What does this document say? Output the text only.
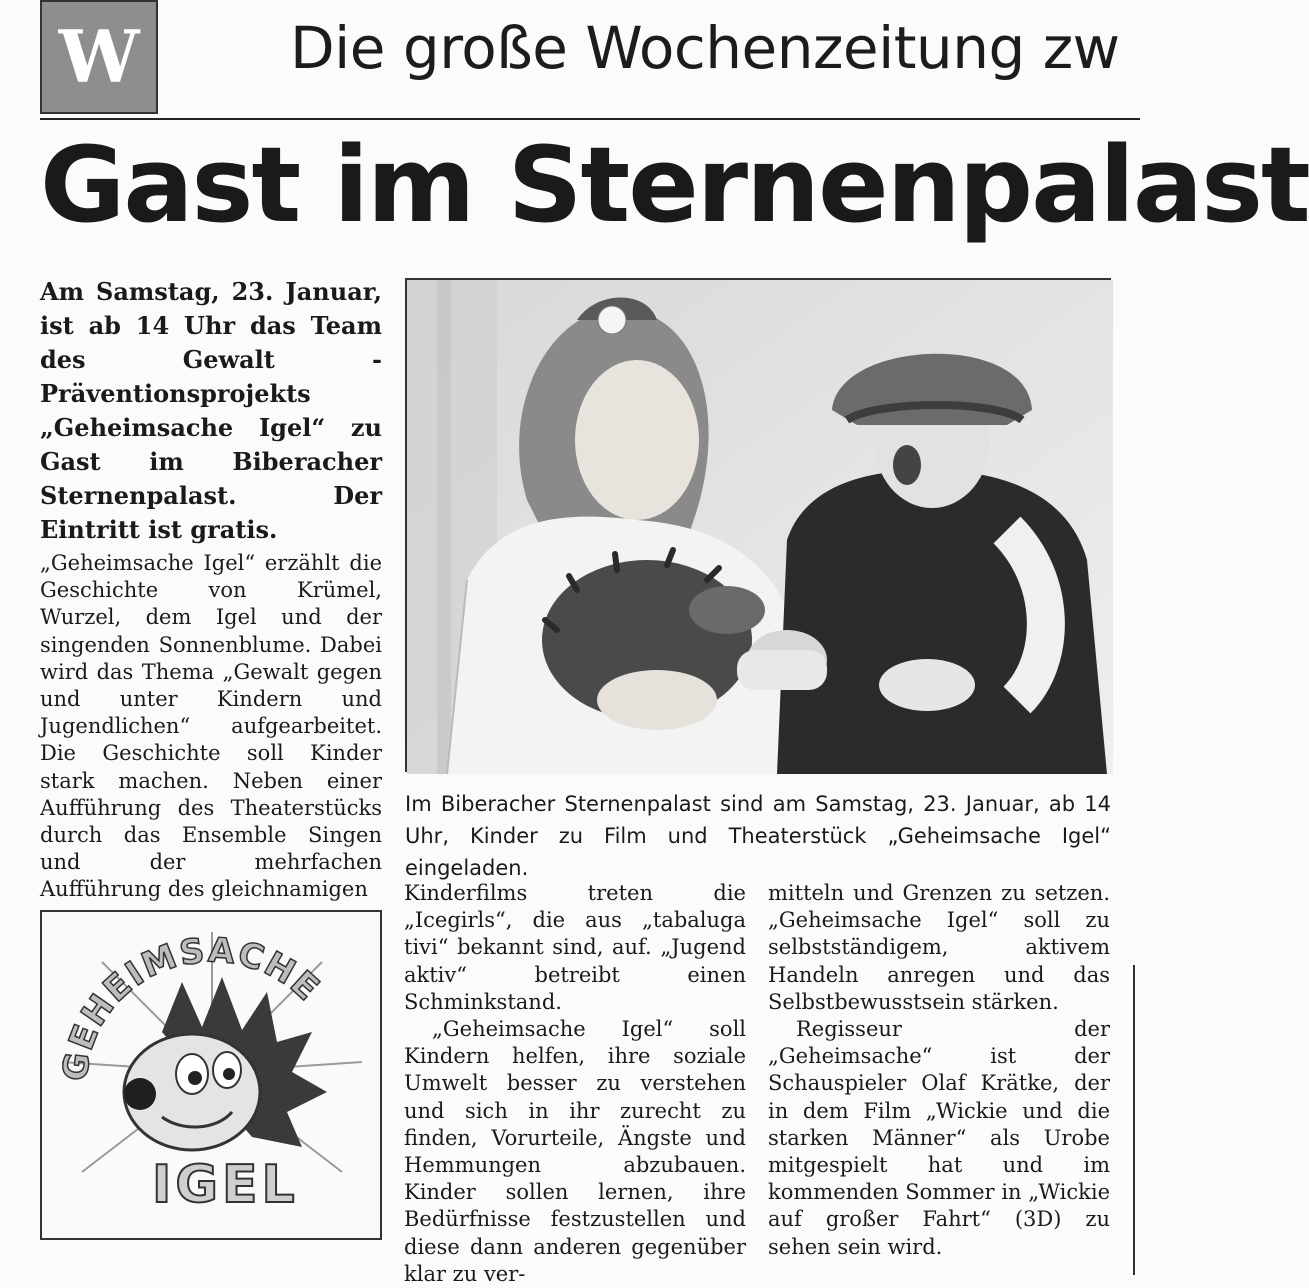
W	Die große Wochenzeitung zw
Gast im Sternenpalast

Am Samstag, 23. Januar, ist ab 14 Uhr das Team des Gewalt - Präventionsprojekts „Geheimsache Igel“ zu Gast im Biberacher Sternenpalast. Der Eintritt ist gratis.

„Geheimsache Igel“ erzählt die Geschichte von Krümel, Wurzel, dem Igel und der singenden Sonnenblume. Dabei wird das Thema „Gewalt gegen und unter Kindern und Jugendlichen“ aufgearbeitet. Die Geschichte soll Kinder stark machen. Neben einer Aufführung des Theaterstücks durch das Ensemble Singen und der mehrfachen Aufführung des gleichnamigen

Im Biberacher Sternenpalast sind am Samstag, 23. Januar, ab 14 Uhr, Kinder zu Film und Theaterstück „Geheimsache Igel“ eingeladen.

GEHEIMSACHE
IGEL

Kinderfilms treten die „Icegirls“, die aus „tabaluga tivi“ bekannt sind, auf. „Jugend aktiv“ betreibt einen Schminkstand.

„Geheimsache Igel“ soll Kindern helfen, ihre soziale Umwelt besser zu verstehen und sich in ihr zurecht zu finden, Vorurteile, Ängste und Hemmungen abzubauen. Kinder sollen lernen, ihre Bedürfnisse festzustellen und diese dann anderen gegenüber klar zu ver-

mitteln und Grenzen zu setzen. „Geheimsache Igel“ soll zu selbstständigem, aktivem Handeln anregen und das Selbstbewusstsein stärken.

Regisseur der „Geheimsache“ ist der Schauspieler Olaf Krätke, der in dem Film „Wickie und die starken Männer“ als Urobe mitgespielt hat und im kommenden Sommer in „Wickie auf großer Fahrt“ (3D) zu sehen sein wird.
